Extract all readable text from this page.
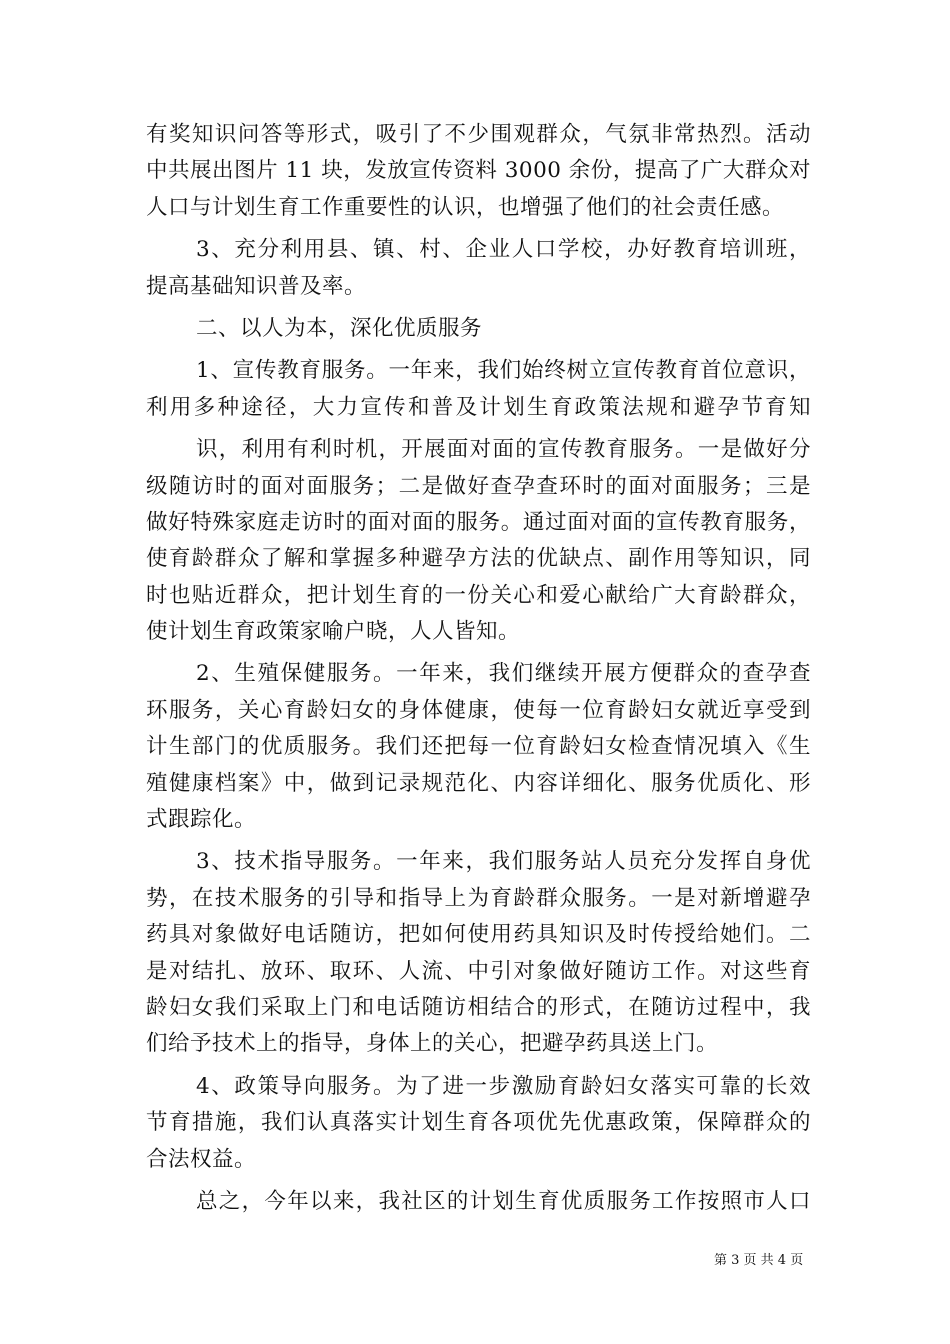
有奖知识问答等形式，吸引了不少围观群众，气氛非常热烈。活动
中共展出图片 11 块，发放宣传资料 3000 余份，提高了广大群众对
人口与计划生育工作重要性的认识，也增强了他们的社会责任感。
3、充分利用县、镇、村、企业人口学校，办好教育培训班，
提高基础知识普及率。
二、以人为本，深化优质服务
1、宣传教育服务。一年来，我们始终树立宣传教育首位意识，
利用多种途径，大力宣传和普及计划生育政策法规和避孕节育知
识，利用有利时机，开展面对面的宣传教育服务。一是做好分
级随访时的面对面服务；二是做好查孕查环时的面对面服务；三是
做好特殊家庭走访时的面对面的服务。通过面对面的宣传教育服务，
使育龄群众了解和掌握多种避孕方法的优缺点、副作用等知识，同
时也贴近群众，把计划生育的一份关心和爱心献给广大育龄群众，
使计划生育政策家喻户晓，人人皆知。
2、生殖保健服务。一年来，我们继续开展方便群众的查孕查
环服务，关心育龄妇女的身体健康，使每一位育龄妇女就近享受到
计生部门的优质服务。我们还把每一位育龄妇女检查情况填入《生
殖健康档案》中，做到记录规范化、内容详细化、服务优质化、形
式跟踪化。
3、技术指导服务。一年来，我们服务站人员充分发挥自身优
势，在技术服务的引导和指导上为育龄群众服务。一是对新增避孕
药具对象做好电话随访，把如何使用药具知识及时传授给她们。二
是对结扎、放环、取环、人流、中引对象做好随访工作。对这些育
龄妇女我们采取上门和电话随访相结合的形式，在随访过程中，我
们给予技术上的指导，身体上的关心，把避孕药具送上门。
4、政策导向服务。为了进一步激励育龄妇女落实可靠的长效
节育措施，我们认真落实计划生育各项优先优惠政策，保障群众的
合法权益。
总之，今年以来，我社区的计划生育优质服务工作按照市人口
第 3 页 共 4 页
